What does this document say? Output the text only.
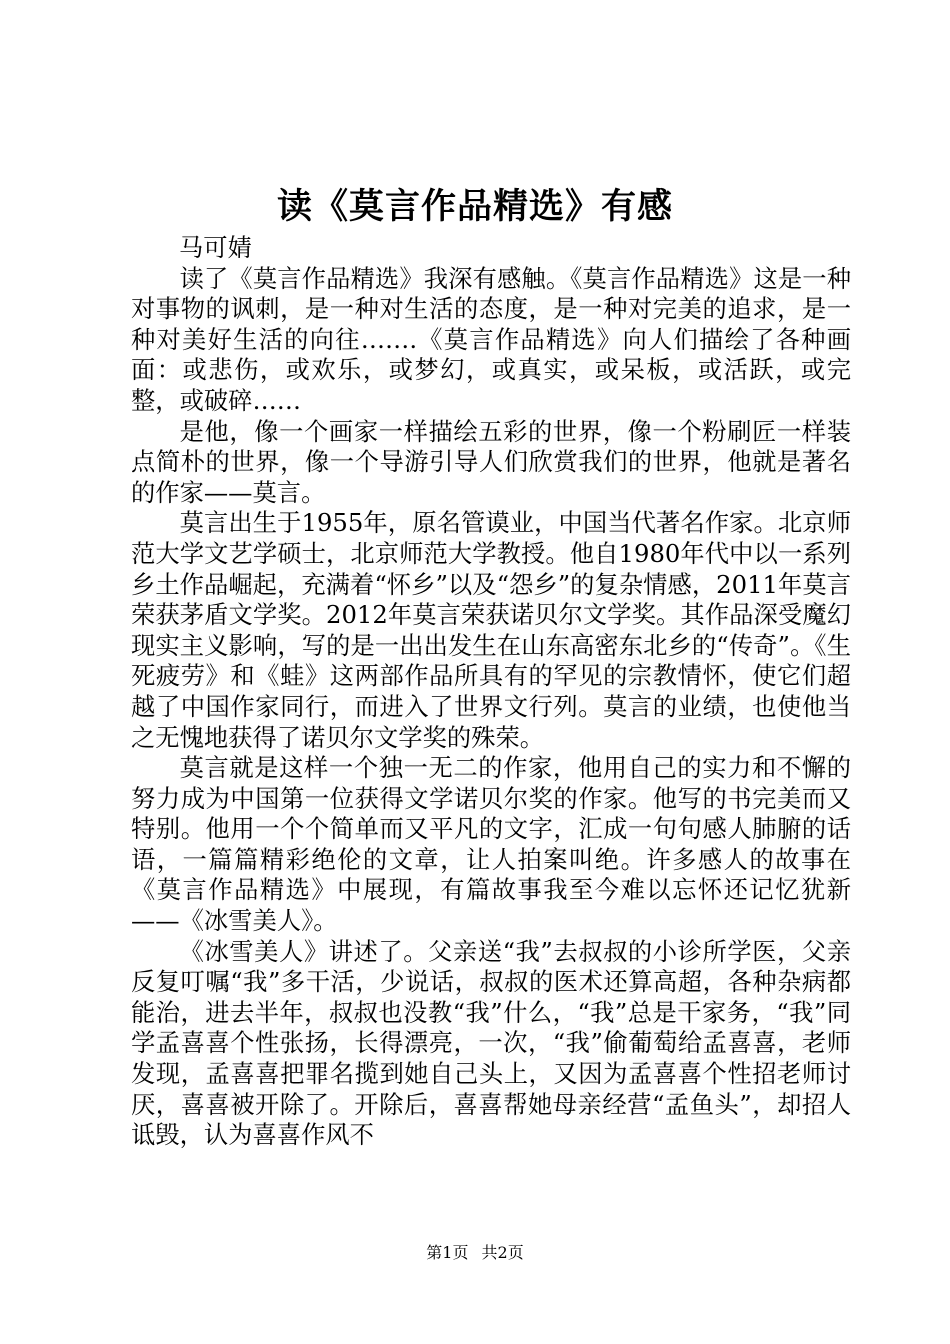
读《莫言作品精选》有感

马可婧

读了《莫言作品精选》我深有感触。《莫言作品精选》这是一种对事物的讽刺，是一种对生活的态度，是一种对完美的追求，是一种对美好生活的向往…….《莫言作品精选》向人们描绘了各种画面：或悲伤，或欢乐，或梦幻，或真实，或呆板，或活跃，或完整，或破碎……

是他，像一个画家一样描绘五彩的世界，像一个粉刷匠一样装点简朴的世界，像一个导游引导人们欣赏我们的世界，他就是著名的作家——莫言。

莫言出生于1955年，原名管谟业，中国当代著名作家。北京师范大学文艺学硕士，北京师范大学教授。他自1980年代中以一系列乡土作品崛起，充满着“怀乡”以及“怨乡”的复杂情感，2011年莫言荣获茅盾文学奖。2012年莫言荣获诺贝尔文学奖。其作品深受魔幻现实主义影响，写的是一出出发生在山东高密东北乡的“传奇”。《生死疲劳》和《蛙》这两部作品所具有的罕见的宗教情怀，使它们超越了中国作家同行，而进入了世界文行列。莫言的业绩，也使他当之无愧地获得了诺贝尔文学奖的殊荣。

莫言就是这样一个独一无二的作家，他用自己的实力和不懈的努力成为中国第一位获得文学诺贝尔奖的作家。他写的书完美而又特别。他用一个个简单而又平凡的文字，汇成一句句感人肺腑的话语，一篇篇精彩绝伦的文章，让人拍案叫绝。许多感人的故事在《莫言作品精选》中展现，有篇故事我至今难以忘怀还记忆犹新——《冰雪美人》。

《冰雪美人》讲述了。父亲送“我”去叔叔的小诊所学医，父亲反复叮嘱“我”多干活，少说话，叔叔的医术还算高超，各种杂病都能治，进去半年，叔叔也没教“我”什么，“我”总是干家务，“我”同学孟喜喜个性张扬，长得漂亮，一次，“我”偷葡萄给孟喜喜，老师发现，孟喜喜把罪名揽到她自己头上，又因为孟喜喜个性招老师讨厌，喜喜被开除了。开除后，喜喜帮她母亲经营“孟鱼头”，却招人诋毁，认为喜喜作风不

第1页 共2页
